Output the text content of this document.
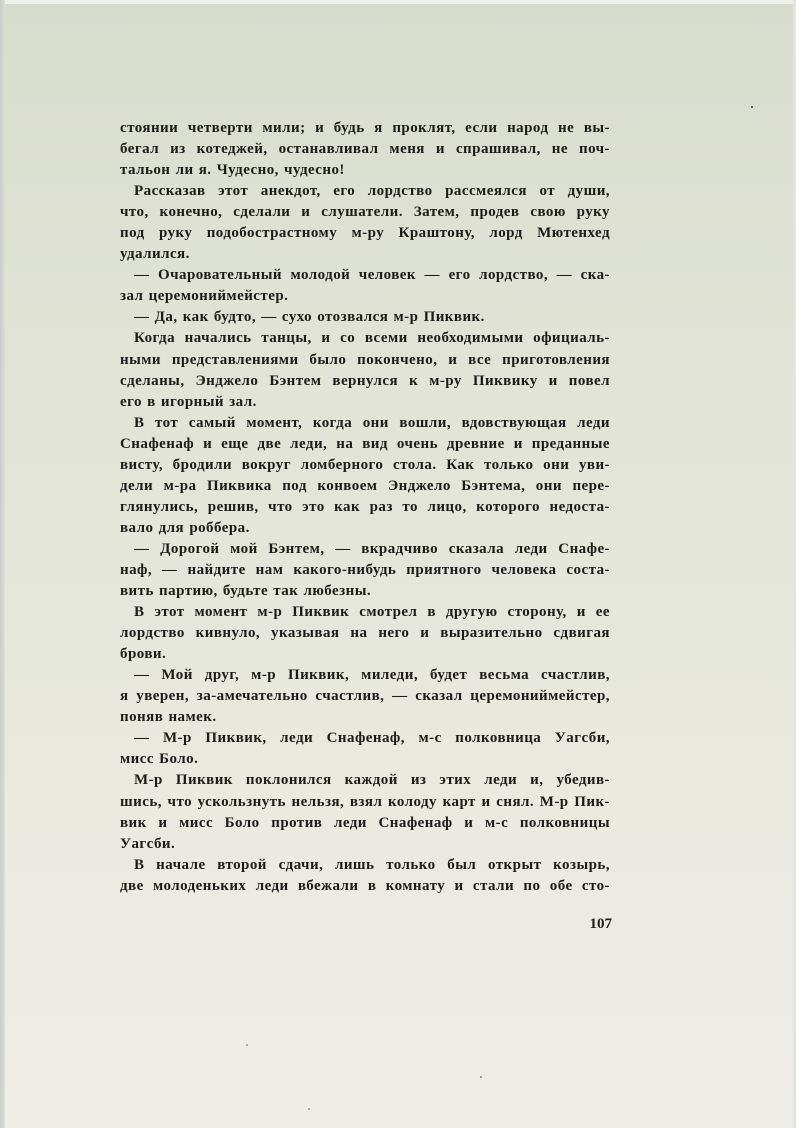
стоянии четверти мили; и будь я проклят, если народ не вы-
бегал из котеджей, останавливал меня и спрашивал, не поч-
тальон ли я. Чудесно, чудесно!
Рассказав этот анекдот, его лордство рассмеялся от души,
что, конечно, сделали и слушатели. Затем, продев свою руку
под руку подобострастному м-ру Краштону, лорд Мютенхед
удалился.
— Очаровательный молодой человек — его лордство, — ска-
зал церемониймейстер.
— Да, как будто, — сухо отозвался м-р Пиквик.
Когда начались танцы, и со всеми необходимыми официаль-
ными представлениями было покончено, и все приготовления
сделаны, Энджело Бэнтем вернулся к м-ру Пиквику и повел
его в игорный зал.
В тот самый момент, когда они вошли, вдовствующая леди
Снафенаф и еще две леди, на вид очень древние и преданные
висту, бродили вокруг ломберного стола. Как только они уви-
дели м-ра Пиквика под конвоем Энджело Бэнтема, они пере-
глянулись, решив, что это как раз то лицо, которого недоста-
вало для роббера.
— Дорогой мой Бэнтем, — вкрадчиво сказала леди Снафе-
наф, — найдите нам какого-нибудь приятного человека соста-
вить партию, будьте так любезны.
В этот момент м-р Пиквик смотрел в другую сторону, и ее
лордство кивнуло, указывая на него и выразительно сдвигая
брови.
— Мой друг, м-р Пиквик, миледи, будет весьма счастлив,
я уверен, за-амечательно счастлив, — сказал церемониймейстер,
поняв намек.
— М-р Пиквик, леди Снафенаф, м-с полковница Уагсби,
мисс Боло.
М-р Пиквик поклонился каждой из этих леди и, убедив-
шись, что ускользнуть нельзя, взял колоду карт и снял. М-р Пик-
вик и мисс Боло против леди Снафенаф и м-с полковницы
Уагсби.
В начале второй сдачи, лишь только был открыт козырь,
две молоденьких леди вбежали в комнату и стали по обе сто-
107
